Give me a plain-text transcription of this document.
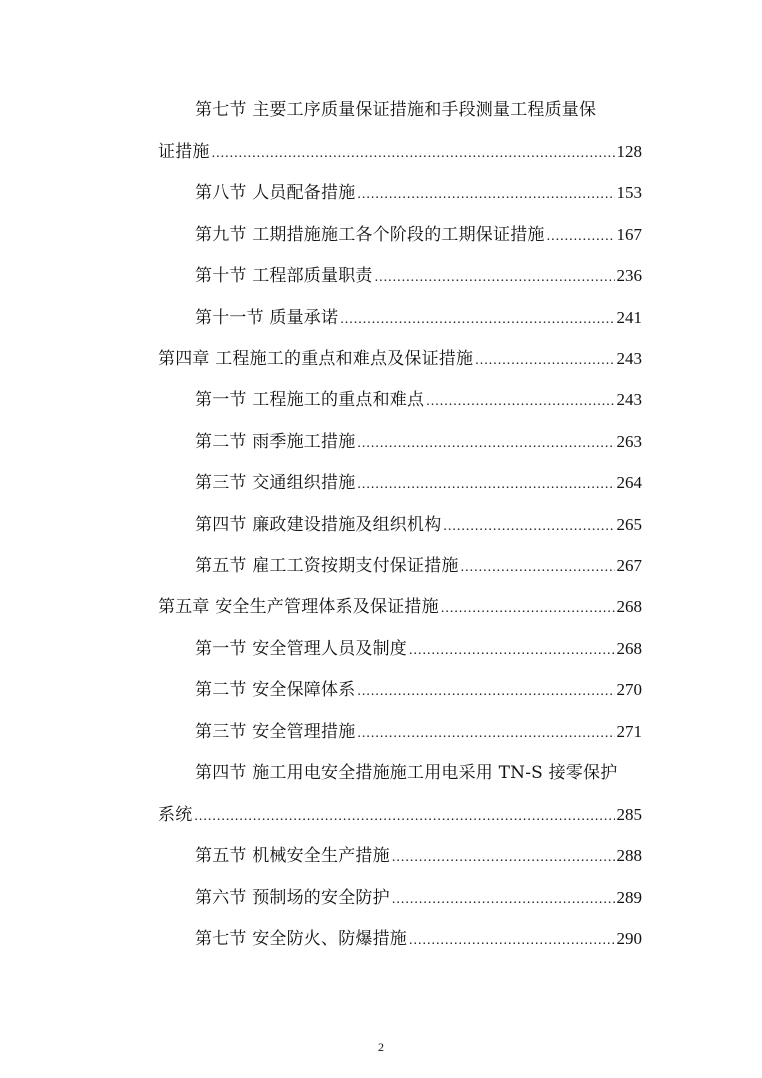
第七节 主要工序质量保证措施和手段测量工程质量保
证措施 .....	128
第八节 人员配备措施 .....	153
第九节 工期措施施工各个阶段的工期保证措施 .....	167
第十节 工程部质量职责 .....	236
第十一节 质量承诺 .....	241
第四章 工程施工的重点和难点及保证措施 .....	243
第一节 工程施工的重点和难点 .....	243
第二节 雨季施工措施 .....	263
第三节 交通组织措施 .....	264
第四节 廉政建设措施及组织机构 .....	265
第五节 雇工工资按期支付保证措施 .....	267
第五章 安全生产管理体系及保证措施 .....	268
第一节 安全管理人员及制度 .....	268
第二节 安全保障体系 .....	270
第三节 安全管理措施 .....	271
第四节 施工用电安全措施施工用电采用 TN-S 接零保护
系统 .....	285
第五节 机械安全生产措施 .....	288
第六节 预制场的安全防护 .....	289
第七节 安全防火、防爆措施 .....	290
2
